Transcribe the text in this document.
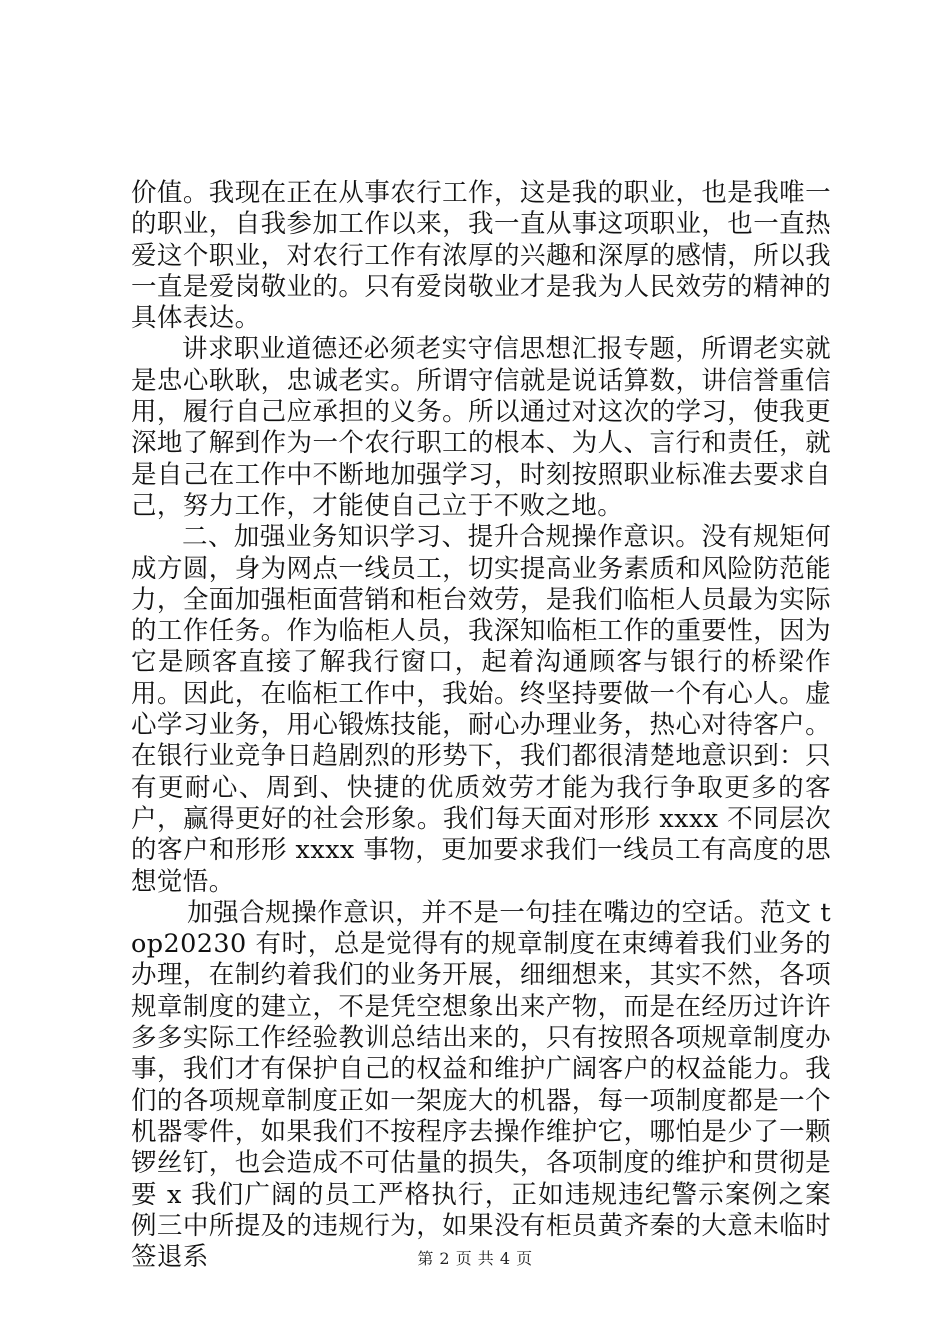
价值。我现在正在从事农行工作，这是我的职业，也是我唯一的职业，自我参加工作以来，我一直从事这项职业，也一直热爱这个职业，对农行工作有浓厚的兴趣和深厚的感情，所以我一直是爱岗敬业的。只有爱岗敬业才是我为人民效劳的精神的具体表达。

讲求职业道德还必须老实守信思想汇报专题，所谓老实就是忠心耿耿，忠诚老实。所谓守信就是说话算数，讲信誉重信用，履行自己应承担的义务。所以通过对这次的学习，使我更深地了解到作为一个农行职工的根本、为人、言行和责任，就是自己在工作中不断地加强学习，时刻按照职业标准去要求自己，努力工作，才能使自己立于不败之地。

二、加强业务知识学习、提升合规操作意识。没有规矩何成方圆，身为网点一线员工，切实提高业务素质和风险防范能力，全面加强柜面营销和柜台效劳，是我们临柜人员最为实际的工作任务。作为临柜人员，我深知临柜工作的重要性，因为它是顾客直接了解我行窗口，起着沟通顾客与银行的桥梁作用。因此，在临柜工作中，我始。终坚持要做一个有心人。虚心学习业务，用心锻炼技能，耐心办理业务，热心对待客户。在银行业竞争日趋剧烈的形势下，我们都很清楚地意识到：只有更耐心、周到、快捷的优质效劳才能为我行争取更多的客户，赢得更好的社会形象。我们每天面对形形 xxxx 不同层次的客户和形形 xxxx 事物，更加要求我们一线员工有高度的思想觉悟。

加强合规操作意识，并不是一句挂在嘴边的空话。范文 top20230 有时，总是觉得有的规章制度在束缚着我们业务的办理，在制约着我们的业务开展，细细想来，其实不然，各项规章制度的建立，不是凭空想象出来产物，而是在经历过许许多多实际工作经验教训总结出来的，只有按照各项规章制度办事，我们才有保护自己的权益和维护广阔客户的权益能力。我们的各项规章制度正如一架庞大的机器，每一项制度都是一个机器零件，如果我们不按程序去操作维护它，哪怕是少了一颗锣丝钉，也会造成不可估量的损失，各项制度的维护和贯彻是要 x 我们广阔的员工严格执行，正如违规违纪警示案例之案例三中所提及的违规行为，如果没有柜员黄齐秦的大意未临时签退系	第 2 页 共 4 页
